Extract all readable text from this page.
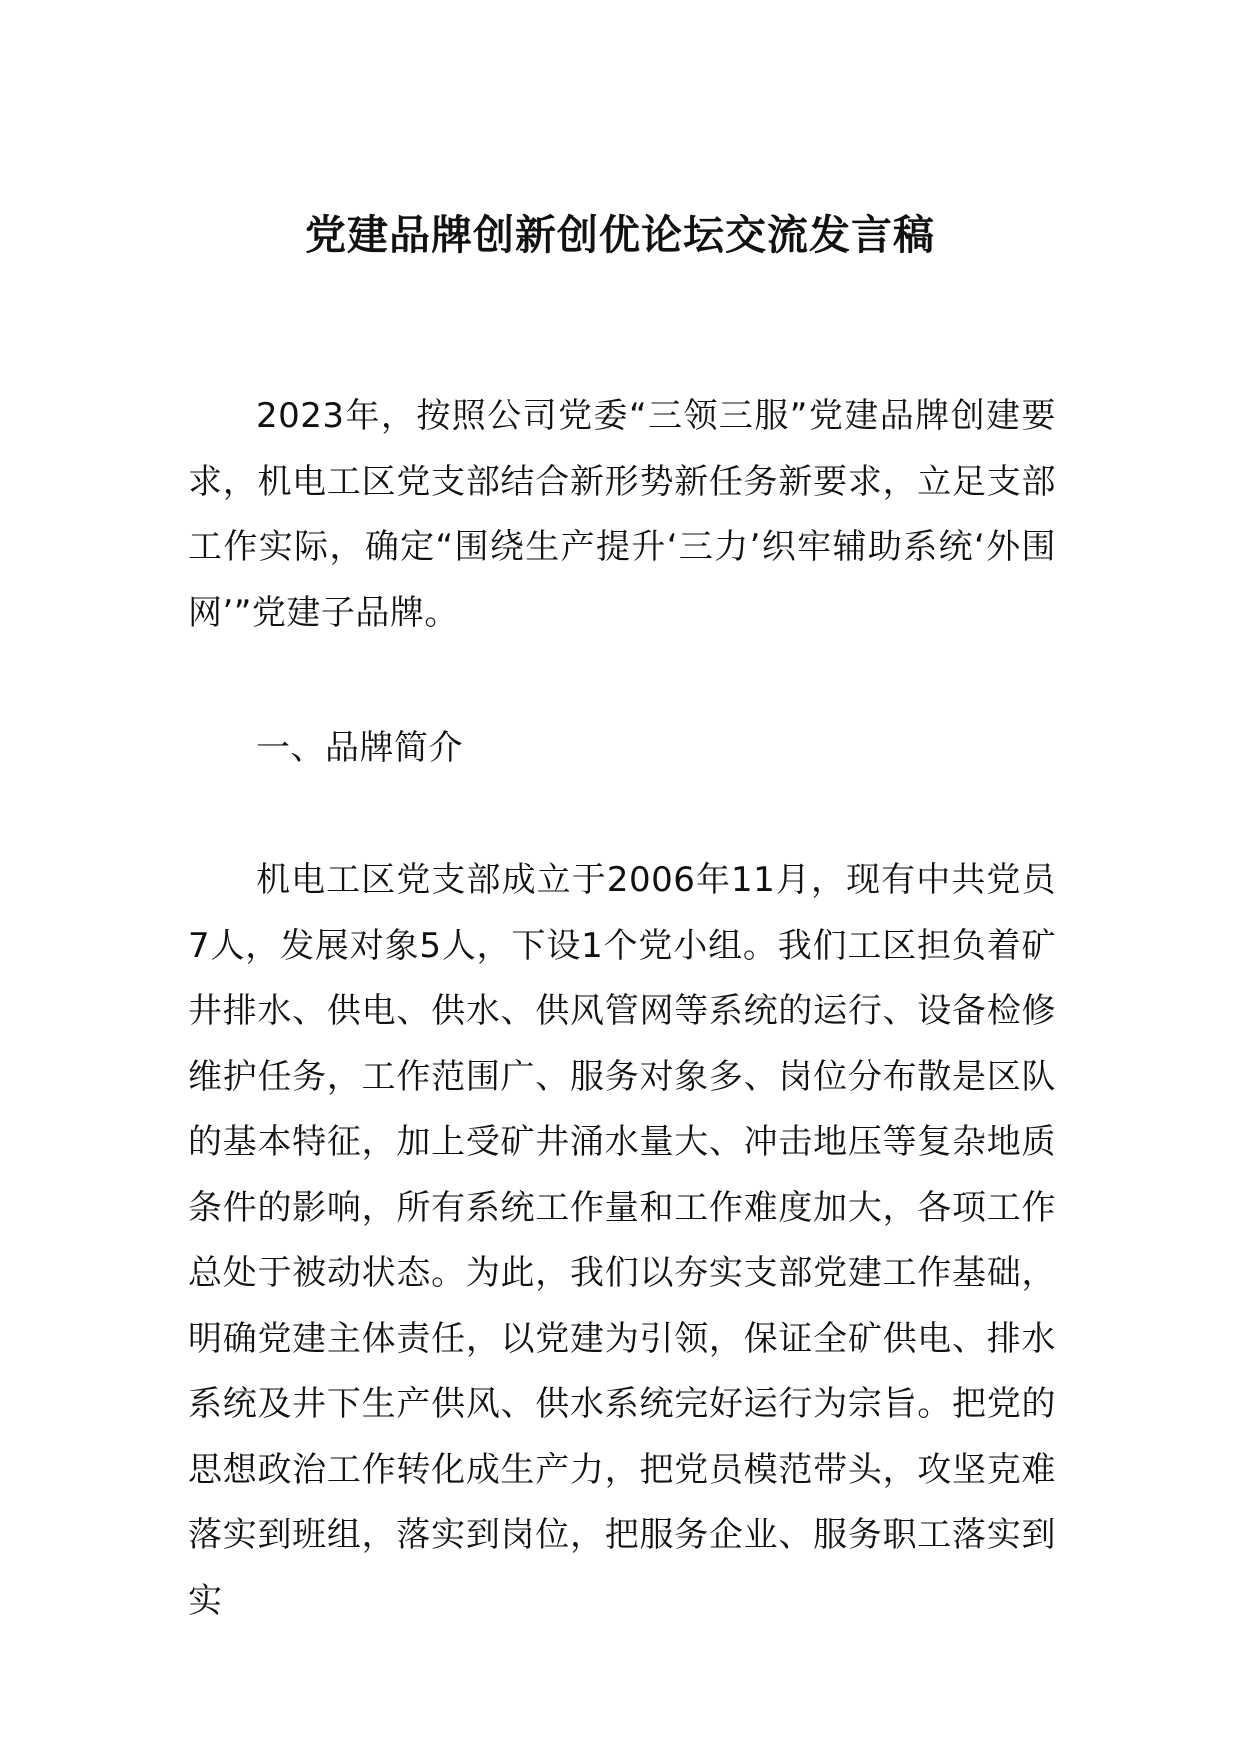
党建品牌创新创优论坛交流发言稿

2023年，按照公司党委“三领三服”党建品牌创建要求，机电工区党支部结合新形势新任务新要求，立足支部工作实际，确定“围绕生产提升‘三力’织牢辅助系统‘外围网’”党建子品牌。

一、品牌简介

机电工区党支部成立于2006年11月，现有中共党员7人，发展对象5人，下设1个党小组。我们工区担负着矿井排水、供电、供水、供风管网等系统的运行、设备检修维护任务，工作范围广、服务对象多、岗位分布散是区队的基本特征，加上受矿井涌水量大、冲击地压等复杂地质条件的影响，所有系统工作量和工作难度加大，各项工作总处于被动状态。为此，我们以夯实支部党建工作基础，明确党建主体责任，以党建为引领，保证全矿供电、排水系统及井下生产供风、供水系统完好运行为宗旨。把党的思想政治工作转化成生产力，把党员模范带头，攻坚克难落实到班组，落实到岗位，把服务企业、服务职工落实到实
